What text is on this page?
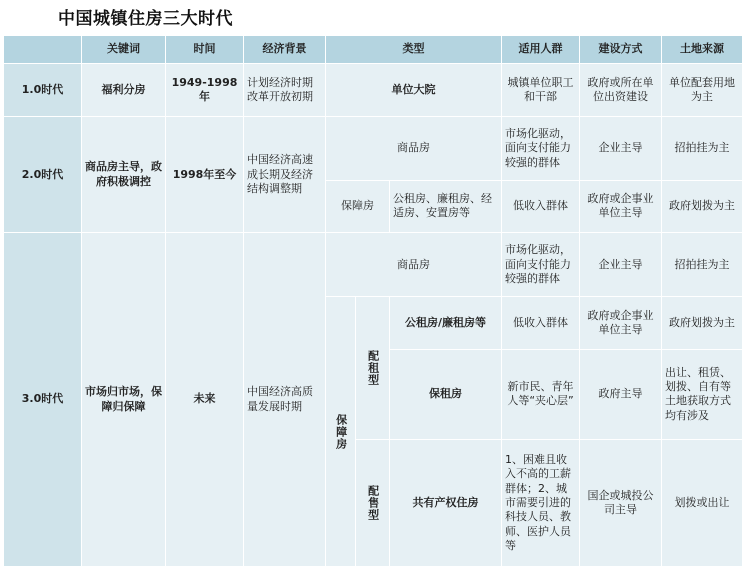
中国城镇住房三大时代
	关键词	时间	经济背景	类型			适用人群	建设方式	土地来源
1.0时代	福利分房	1949-1998年	计划经济时期改革开放初期	单位大院			城镇单位职工和干部	政府或所在单位出资建设	单位配套用地为主
2.0时代	商品房主导，政府积极调控	1998年至今	中国经济高速成长期及经济结构调整期	商品房			市场化驱动，面向支付能力较强的群体	企业主导	招拍挂为主
				保障房		公租房、廉租房、经适房、安置房等	低收入群体	政府或企事业单位主导	政府划拨为主
3.0时代	市场归市场，保障归保障	未来	中国经济高质量发展时期	商品房			市场化驱动，面向支付能力较强的群体	企业主导	招拍挂为主
				保障房	配租型	公租房/廉租房等	低收入群体	政府或企事业单位主导	政府划拨为主
						保租房	新市民、青年人等“夹心层”	政府主导	出让、租赁、划拨、自有等土地获取方式均有涉及
					配售型	共有产权住房	1、困难且收入不高的工薪群体；2、城市需要引进的科技人员、教师、医护人员等	国企或城投公司主导	划拨或出让
